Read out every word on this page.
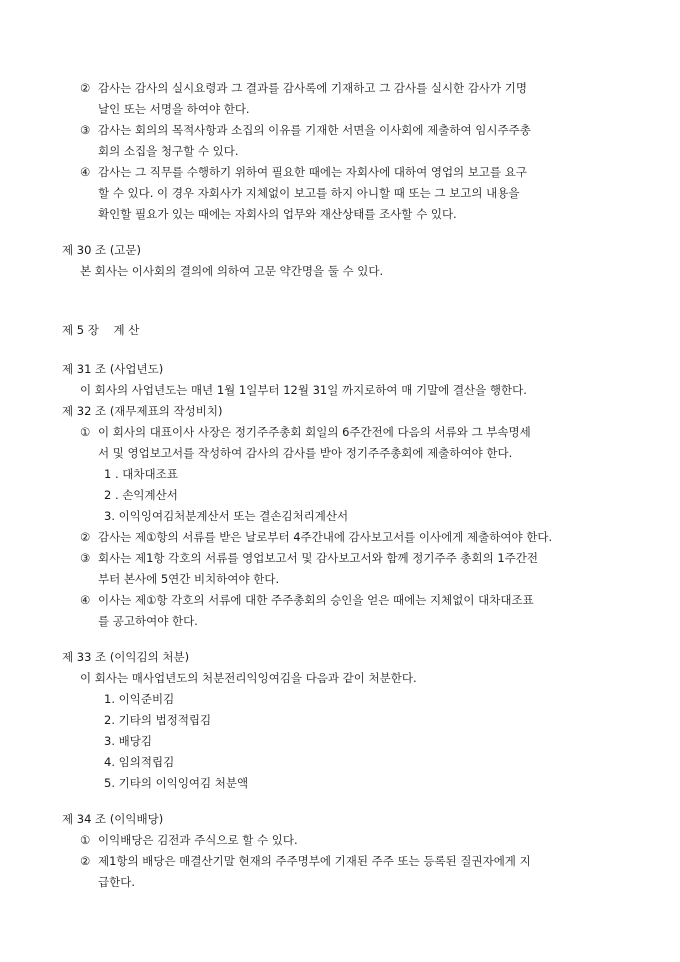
② 감사는 감사의 실시요령과 그 결과를 감사록에 기재하고 그 감사를 실시한 감사가 기명
날인 또는 서명을 하여야 한다.
③ 감사는 회의의 목적사항과 소집의 이유를 기재한 서면을 이사회에 제출하여 임시주주총
회의 소집을 청구할 수 있다.
④ 감사는 그 직무를 수행하기 위하여 필요한 때에는 자회사에 대하여 영업의 보고를 요구
할 수 있다. 이 경우 자회사가 지체없이 보고를 하지 아니할 때 또는 그 보고의 내용을
확인할 필요가 있는 때에는 자회사의 업무와 재산상태를 조사할 수 있다.
제 30 조 (고문)
본 회사는 이사회의 결의에 의하여 고문 약간명을 둘 수 있다.
제 5 장    계 산
제 31 조 (사업년도)
이 회사의 사업년도는 매년 1월 1일부터 12월 31일 까지로하여 매 기말에 결산을 행한다.
제 32 조 (재무제표의 작성비치)
① 이 회사의 대표이사 사장은 정기주주총회 회일의 6주간전에 다음의 서류와 그 부속명세
서 및 영업보고서를 작성하여 감사의 감사를 받아 정기주주총회에 제출하여야 한다.
1 . 대차대조표
2 . 손익계산서
3. 이익잉여김처분계산서 또는 결손김처리계산서
② 감사는 제①항의 서류를 받은 날로부터 4주간내에 감사보고서를 이사에게 제출하여야 한다.
③ 회사는 제1항 각호의 서류를 영업보고서 및 감사보고서와 함께 정기주주 총회의 1주간전
부터 본사에 5연간 비치하여야 한다.
④ 이사는 제①항 각호의 서류에 대한 주주총회의 승인을 얻은 때에는 지체없이 대차대조표
를 공고하여야 한다.
제 33 조 (이익김의 처분)
이 회사는 매사업년도의 처분전리익잉여김을 다음과 같이 처분한다.
1. 이익준비김
2. 기타의 법정적립김
3. 배당김
4. 임의적립김
5. 기타의 이익잉여김 처분액
제 34 조 (이익배당)
① 이익배당은 김전과 주식으로 할 수 있다.
② 제1항의 배당은 매결산기말 현재의 주주명부에 기재된 주주 또는 등록된 질권자에게 지
급한다.
